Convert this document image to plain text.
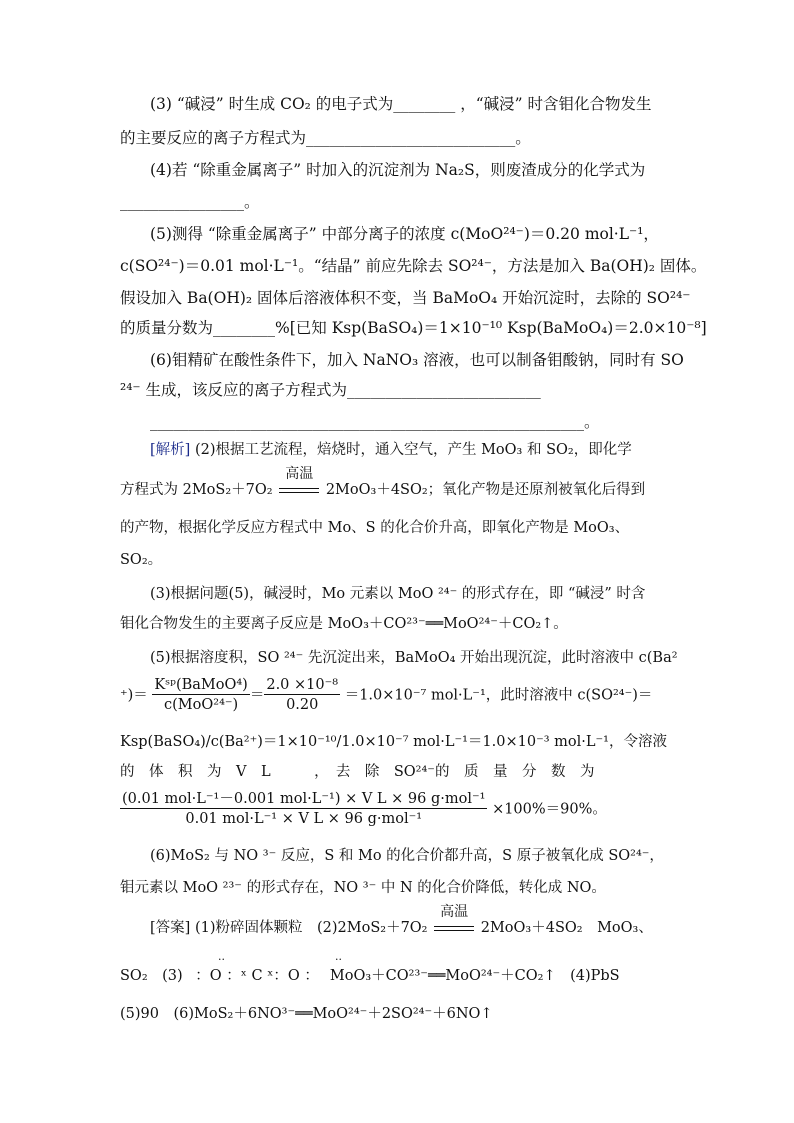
(3) “碱浸” 时生成 CO₂ 的电子式为________ ，“碱浸” 时含钼化合物发生
的主要反应的离子方程式为___________________________。
(4)若 “除重金属离子” 时加入的沉淀剂为 Na₂S，则废渣成分的化学式为
________________。
(5)测得 “除重金属离子” 中部分离子的浓度 c(MoO²⁴⁻)＝0.20 mol·L⁻¹，
c(SO²⁴⁻)＝0.01 mol·L⁻¹。“结晶” 前应先除去 SO²⁴⁻，方法是加入 Ba(OH)₂ 固体。
假设加入 Ba(OH)₂ 固体后溶液体积不变，当 BaMoO₄ 开始沉淀时，去除的 SO²⁴⁻
的质量分数为________%[已知 Ksp(BaSO₄)＝1×10⁻¹⁰ Ksp(BaMoO₄)＝2.0×10⁻⁸]
(6)钼精矿在酸性条件下，加入 NaNO₃ 溶液，也可以制备钼酸钠，同时有 SO
²⁴⁻ 生成，该反应的离子方程式为_________________________
________________________________________________________。
[解析] (2)根据工艺流程，焙烧时，通入空气，产生 MoO₃ 和 SO₂，即化学
方程式为 2MoS₂＋7O₂
高温
2MoO₃＋4SO₂；氧化产物是还原剂被氧化后得到
的产物，根据化学反应方程式中 Mo、S 的化合价升高，即氧化产物是 MoO₃、
SO₂。
(3)根据问题(5)，碱浸时，Mo 元素以 MoO ²⁴⁻ 的形式存在，即 “碱浸” 时含
钼化合物发生的主要离子反应是 MoO₃＋CO²³⁻══MoO²⁴⁻＋CO₂↑。
(5)根据溶度积，SO ²⁴⁻ 先沉淀出来，BaMoO₄ 开始出现沉淀，此时溶液中 c(Ba²
⁺)＝ $\frac{\text{Kˢᵖ(BaMoO⁴)}}{\text{c(MoO²⁴⁻)}} = \frac{\text{2.0 ×10⁻⁸}}{0.20} =1.0\times 10^{-7}$ mol·L⁻¹，此时溶液中 c(SO²⁴⁻)＝
Ksp(BaSO₄)/c(Ba²⁺)＝1×10⁻¹⁰/1.0×10⁻⁷ mol·L⁻¹＝1.0×10⁻³ mol·L⁻¹，令溶液
的　体　积　为　V　L　　　，　去　除　SO²⁴⁻的　质　量　分　数　为
$\frac{\text{(0.01 mol·L⁻¹－0.001 mol·L⁻¹) × V L × 96 g·mol⁻¹}}{\text{0.01 mol·L⁻¹ × V L × 96 g·mol⁻¹}} \times 100\%=90\%$。
(6)MoS₂ 与 NO ³⁻ 反应，S 和 Mo 的化合价都升高，S 原子被氧化成 SO²⁴⁻，
钼元素以 MoO ²³⁻ 的形式存在，NO ³⁻ 中 N 的化合价降低，转化成 NO。
[答案] (1)粉碎固体颗粒　(2)2MoS₂＋7O₂
高温
2MoO₃＋4SO₂　MoO₃、
SO₂　(3) ：O ：ˣ C ˣ：O ： MoO₃＋CO²³⁻══MoO²⁴⁻＋CO₂↑　(4)PbS
··　　　　　　　　　　··
(5)90　(6)MoS₂＋6NO³⁻══MoO²⁴⁻＋2SO²⁴⁻＋6NO↑
